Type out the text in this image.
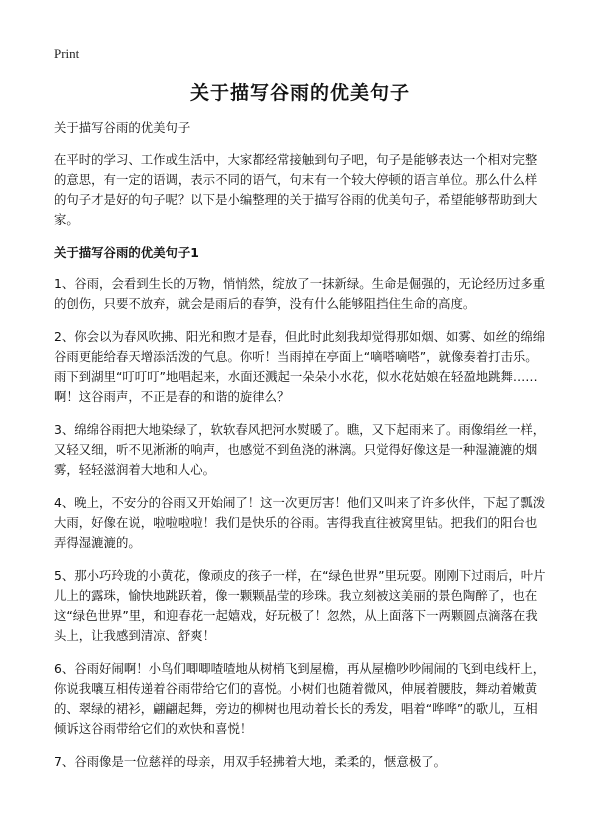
Print
关于描写谷雨的优美句子

关于描写谷雨的优美句子

在平时的学习、工作或生活中，大家都经常接触到句子吧，句子是能够表达一个相对完整的意思，有一定的语调，表示不同的语气，句末有一个较大停顿的语言单位。那么什么样的句子才是好的句子呢？以下是小编整理的关于描写谷雨的优美句子，希望能够帮助到大家。

关于描写谷雨的优美句子1

1、谷雨，会看到生长的万物，悄悄然，绽放了一抹新绿。生命是倔强的，无论经历过多重的创伤，只要不放弃，就会是雨后的春笋，没有什么能够阻挡住生命的高度。

2、你会以为春风吹拂、阳光和煦才是春，但此时此刻我却觉得那如烟、如雾、如丝的绵绵谷雨更能给春天增添活泼的气息。你听！当雨掉在亭面上“嘀嗒嘀嗒”，就像奏着打击乐。雨下到湖里“叮叮叮”地唱起来，水面还溅起一朵朵小水花，似水花姑娘在轻盈地跳舞……啊！这谷雨声，不正是春的和谐的旋律么？

3、绵绵谷雨把大地染绿了，软软春风把河水熨暖了。瞧，又下起雨来了。雨像绢丝一样，又轻又细，听不见淅淅的响声，也感觉不到鱼浇的淋漓。只觉得好像这是一种湿漉漉的烟雾，轻轻滋润着大地和人心。

4、晚上，不安分的谷雨又开始闹了！这一次更厉害！他们又叫来了许多伙伴，下起了瓢泼大雨，好像在说，啦啦啦啦！我们是快乐的谷雨。害得我直往被窝里钻。把我们的阳台也弄得湿漉漉的。

5、那小巧玲珑的小黄花，像顽皮的孩子一样，在“绿色世界”里玩耍。刚刚下过雨后，叶片儿上的露珠，愉快地跳跃着，像一颗颗晶莹的珍珠。我立刻被这美丽的景色陶醉了，也在这“绿色世界”里，和迎春花一起嬉戏，好玩极了！忽然，从上面落下一两颗圆点滴落在我头上，让我感到清凉、舒爽！

6、谷雨好闹啊！小鸟们唧唧喳喳地从树梢飞到屋檐，再从屋檐吵吵闹闹的飞到电线杆上，你说我嚷互相传递着谷雨带给它们的喜悦。小树们也随着微风，伸展着腰肢，舞动着嫩黄的、翠绿的裙衫，翩翩起舞，旁边的柳树也甩动着长长的秀发，唱着“哗哗”的歌儿，互相倾诉这谷雨带给它们的欢快和喜悦！

7、谷雨像是一位慈祥的母亲，用双手轻拂着大地，柔柔的，惬意极了。
